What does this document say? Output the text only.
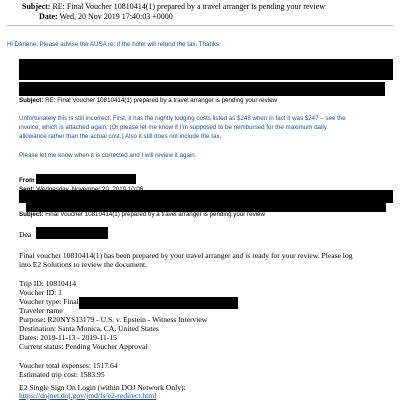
Subject: RE: Final Voucher 10810414(1) prepared by a travel arranger is pending your review
Date: Wed, 20 Nov 2019 17:40:03 +0000
Hi Darlene, Please advise the AUSA re: if the hotel will refund the tax. Thanks
Subject: RE: Final Voucher 10810414(1) prepared by a travel arranger is pending your review
Unfortunately this is still incorrect. First, it has the nightly lodging costs listed as $248 when in fact it was $247 – see the
invoice, which is attached again. (Or please let me know if I’m supposed to be reimbursed for the maximum daily
allowance rather than the actual cost.) Also it still does not include the tax.
Please let me know when it is corrected and I will review it again.
From
Subject: Final Voucher 10810414(1) prepared by a travel arranger is pending your review
Dea
Final voucher 10810414(1) has been prepared by your travel arranger and is ready for your review. Please log
into E2 Solutions to review the document.
Trip ID: 10810414
Voucher ID: 1
Voucher type: Final
Traveler name
Purpose: R20NYS13179 - U.S. v. Epstein - Witness Interview
Destination: Santa Monica, CA, United States
Dates: 2019-11-13 - 2019-11-15
Current status: Pending Voucher Approval
Voucher total expenses: 1517.64
Estimated trip cost: 1583.95
E2 Single Sign On Login (within DOJ Network Only):
https://dojnet.doj.gov/jmd/fs/e2-redirect.html
